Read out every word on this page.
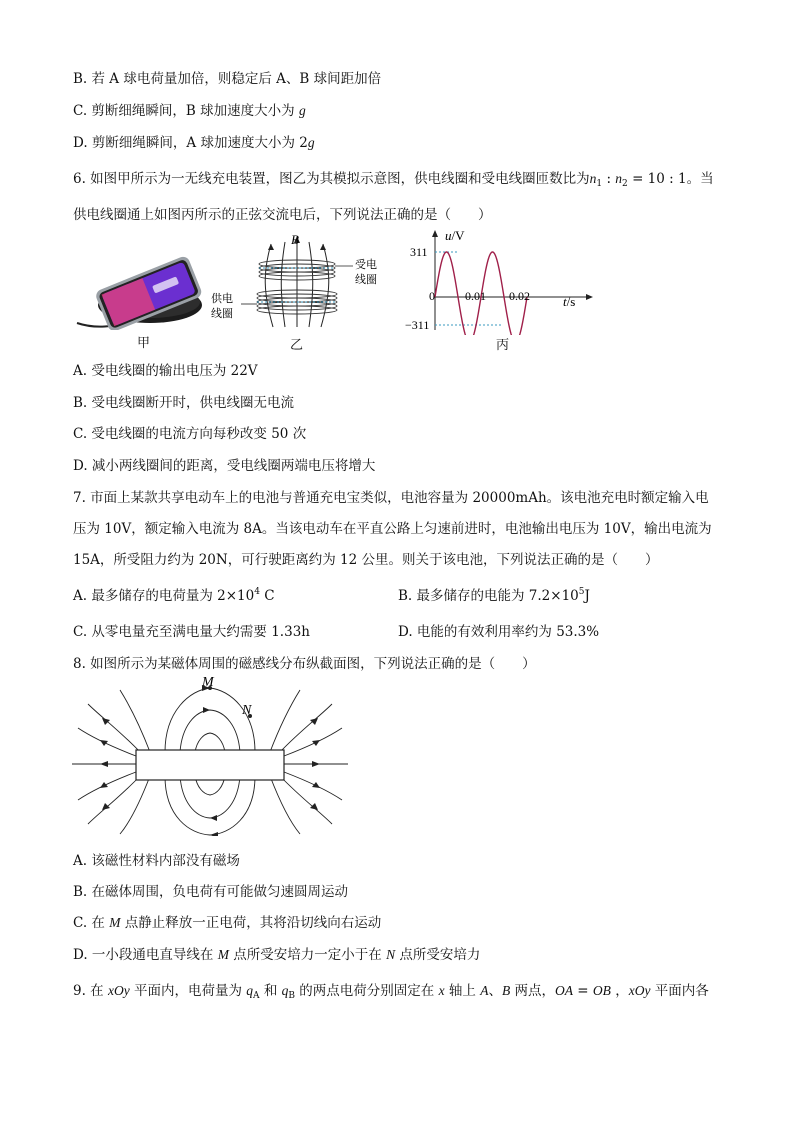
B. 若 A 球电荷量加倍，则稳定后 A、B 球间距加倍
C. 剪断细绳瞬间，B 球加速度大小为 g
D. 剪断细绳瞬间，A 球加速度大小为 2g
6. 如图甲所示为一无线充电装置，图乙为其模拟示意图，供电线圈和受电线圈匝数比为$n_1$ : $n_2 = 10$ : 1。当
供电线圈通上如图丙所示的正弦交流电后，下列说法正确的是（　　）
甲
B
受电
线圈
供电
线圈
乙
311
−311
0	0.01 0.02
u/V
t/s
丙
A. 受电线圈的输出电压为 22V
B. 受电线圈断开时，供电线圈无电流
C. 受电线圈的电流方向每秒改变 50 次
D. 减小两线圈间的距离，受电线圈两端电压将增大
7. 市面上某款共享电动车上的电池与普通充电宝类似，电池容量为 20000mAh。该电池充电时额定输入电
压为 10V，额定输入电流为 8A。当该电动车在平直公路上匀速前进时，电池输出电压为 10V，输出电流为
15A，所受阻力约为 20N，可行驶距离约为 12 公里。则关于该电池，下列说法正确的是（　　）
A. 最多储存的电荷量为 $2\times 10^4$ C	B. 最多储存的电能为 $7.2\times 10^5J$
C. 从零电量充至满电量大约需要 1.33h	D. 电能的有效利用率约为 53.3%
8. 如图所示为某磁体周围的磁感线分布纵截面图，下列说法正确的是（　　）
M
N
A. 该磁性材料内部没有磁场
B. 在磁体周围，负电荷有可能做匀速圆周运动
C. 在 M 点静止释放一正电荷，其将沿切线向右运动
D. 一小段通电直导线在 M 点所受安培力一定小于在 N 点所受安培力
9. 在 xOy 平面内，电荷量为 $q_A$ 和 $q_B$ 的两点电荷分别固定在 x 轴上 A、B 两点，OA = OB ，xOy 平面内各
